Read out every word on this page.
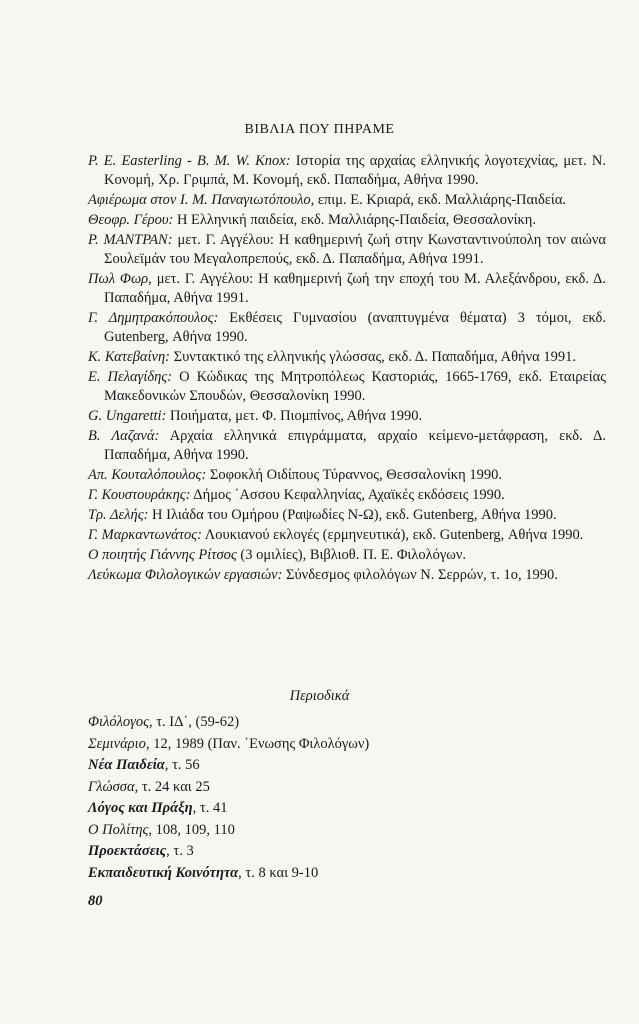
ΒΙΒΛΙΑ ΠΟΥ ΠΗΡΑΜΕ
P. E. Easterling - B. M. W. Knox: Ιστορία της αρχαίας ελληνικής λογοτεχνίας, μετ. Ν. Κονομή, Χρ. Γριμπά, Μ. Κονομή, εκδ. Παπαδήμα, Αθήνα 1990.
Αφιέρωμα στον Ι. Μ. Παναγιωτόπουλο, επιμ. Ε. Κριαρά, εκδ. Μαλλιάρης-Παιδεία.
Θεοφρ. Γέρου: Η Ελληνική παιδεία, εκδ. Μαλλιάρης-Παιδεία, Θεσσαλονίκη.
Ρ. ΜΑΝΤΡΑΝ: μετ. Γ. Αγγέλου: Η καθημερινή ζωή στην Κωνσταντινούπολη τον αιώνα Σουλεϊμάν του Μεγαλοπρεπούς, εκδ. Δ. Παπαδήμα, Αθήνα 1991.
Πωλ Φωρ, μετ. Γ. Αγγέλου: Η καθημερινή ζωή την εποχή του Μ. Αλεξάνδρου, εκδ. Δ. Παπαδήμα, Αθήνα 1991.
Γ. Δημητρακόπουλος: Εκθέσεις Γυμνασίου (αναπτυγμένα θέματα) 3 τόμοι, εκδ. Gutenberg, Αθήνα 1990.
Κ. Κατεβαίνη: Συντακτικό της ελληνικής γλώσσας, εκδ. Δ. Παπαδήμα, Αθήνα 1991.
Ε. Πελαγίδης: Ο Κώδικας της Μητροπόλεως Καστοριάς, 1665-1769, εκδ. Εταιρείας Μακεδονικών Σπουδών, Θεσσαλονίκη 1990.
G. Ungaretti: Ποιήματα, μετ. Φ. Πιομπίνος, Αθήνα 1990.
Β. Λαζανά: Αρχαία ελληνικά επιγράμματα, αρχαίο κείμενο-μετάφραση, εκδ. Δ. Παπαδήμα, Αθήνα 1990.
Απ. Κουταλόπουλος: Σοφοκλή Οιδίπους Τύραννος, Θεσσαλονίκη 1990.
Γ. Κουστουράκης: Δήμος ΄Ασσου Κεφαλληνίας, Αχαϊκές εκδόσεις 1990.
Τρ. Δελής: Η Ιλιάδα του Ομήρου (Ραψωδίες Ν-Ω), εκδ. Gutenberg, Αθήνα 1990.
Γ. Μαρκαντωνάτος: Λουκιανού εκλογές (ερμηνευτικά), εκδ. Gutenberg, Αθήνα 1990.
Ο ποιητής Γιάννης Ρίτσος (3 ομιλίες), Βιβλιοθ. Π. Ε. Φιλολόγων.
Λεύκωμα Φιλολογικών εργασιών: Σύνδεσμος φιλολόγων Ν. Σερρών, τ. 1ο, 1990.
Περιοδικά
Φιλόλογος, τ. ΙΔ΄, (59-62)
Σεμινάριο, 12, 1989 (Παν. ΄Ενωσης Φιλολόγων)
Νέα Παιδεία, τ. 56
Γλώσσα, τ. 24 και 25
Λόγος και Πράξη, τ. 41
Ο Πολίτης, 108, 109, 110
Προεκτάσεις, τ. 3
Εκπαιδευτική Κοινότητα, τ. 8 και 9-10
80
